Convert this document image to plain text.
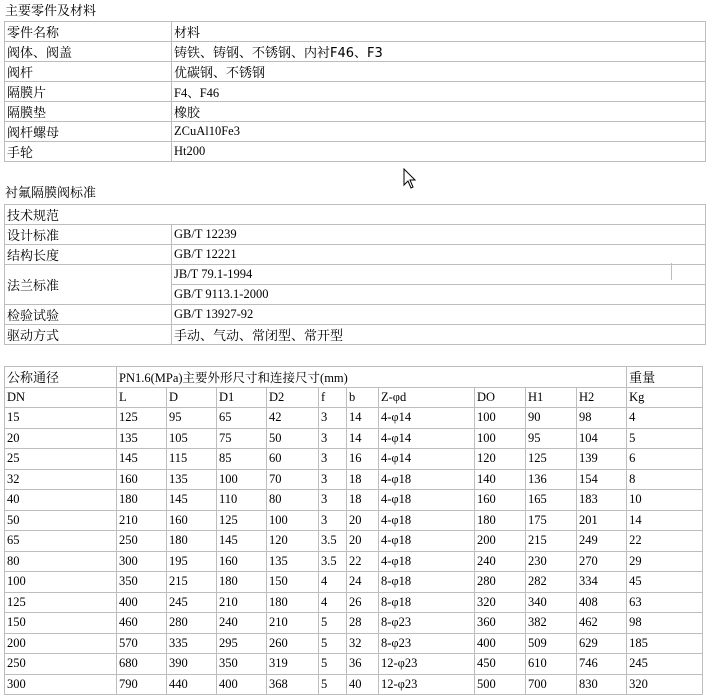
主要零件及材料
零件名称	材料
阀体、阀盖	铸铁、铸钢、不锈钢、内衬F46、F3
阀杆	优碳钢、不锈钢
隔膜片	F4、F46
隔膜垫	橡胶
阀杆螺母	ZCuAl10Fe3
手轮	Ht200
衬氟隔膜阀标准
技术规范	
设计标准	GB/T 12239
结构长度	GB/T 12221
法兰标准	JB/T 79.1-1994
	GB/T 9113.1-2000
检验试验	GB/T 13927-92
驱动方式	手动、气动、常闭型、常开型
公称通径	PN1.6(MPa)主要外形尺寸和连接尺寸(mm)										重量
DN	L	D	D1	D2	f	b	Z-φd	DO	H1	H2	Kg
15	125	95	65	42	3	14	4-φ14	100	90	98	4
20	135	105	75	50	3	14	4-φ14	100	95	104	5
25	145	115	85	60	3	16	4-φ14	120	125	139	6
32	160	135	100	70	3	18	4-φ18	140	136	154	8
40	180	145	110	80	3	18	4-φ18	160	165	183	10
50	210	160	125	100	3	20	4-φ18	180	175	201	14
65	250	180	145	120	3.5	20	4-φ18	200	215	249	22
80	300	195	160	135	3.5	22	4-φ18	240	230	270	29
100	350	215	180	150	4	24	8-φ18	280	282	334	45
125	400	245	210	180	4	26	8-φ18	320	340	408	63
150	460	280	240	210	5	28	8-φ23	360	382	462	98
200	570	335	295	260	5	32	8-φ23	400	509	629	185
250	680	390	350	319	5	36	12-φ23	450	610	746	245
300	790	440	400	368	5	40	12-φ23	500	700	830	320
